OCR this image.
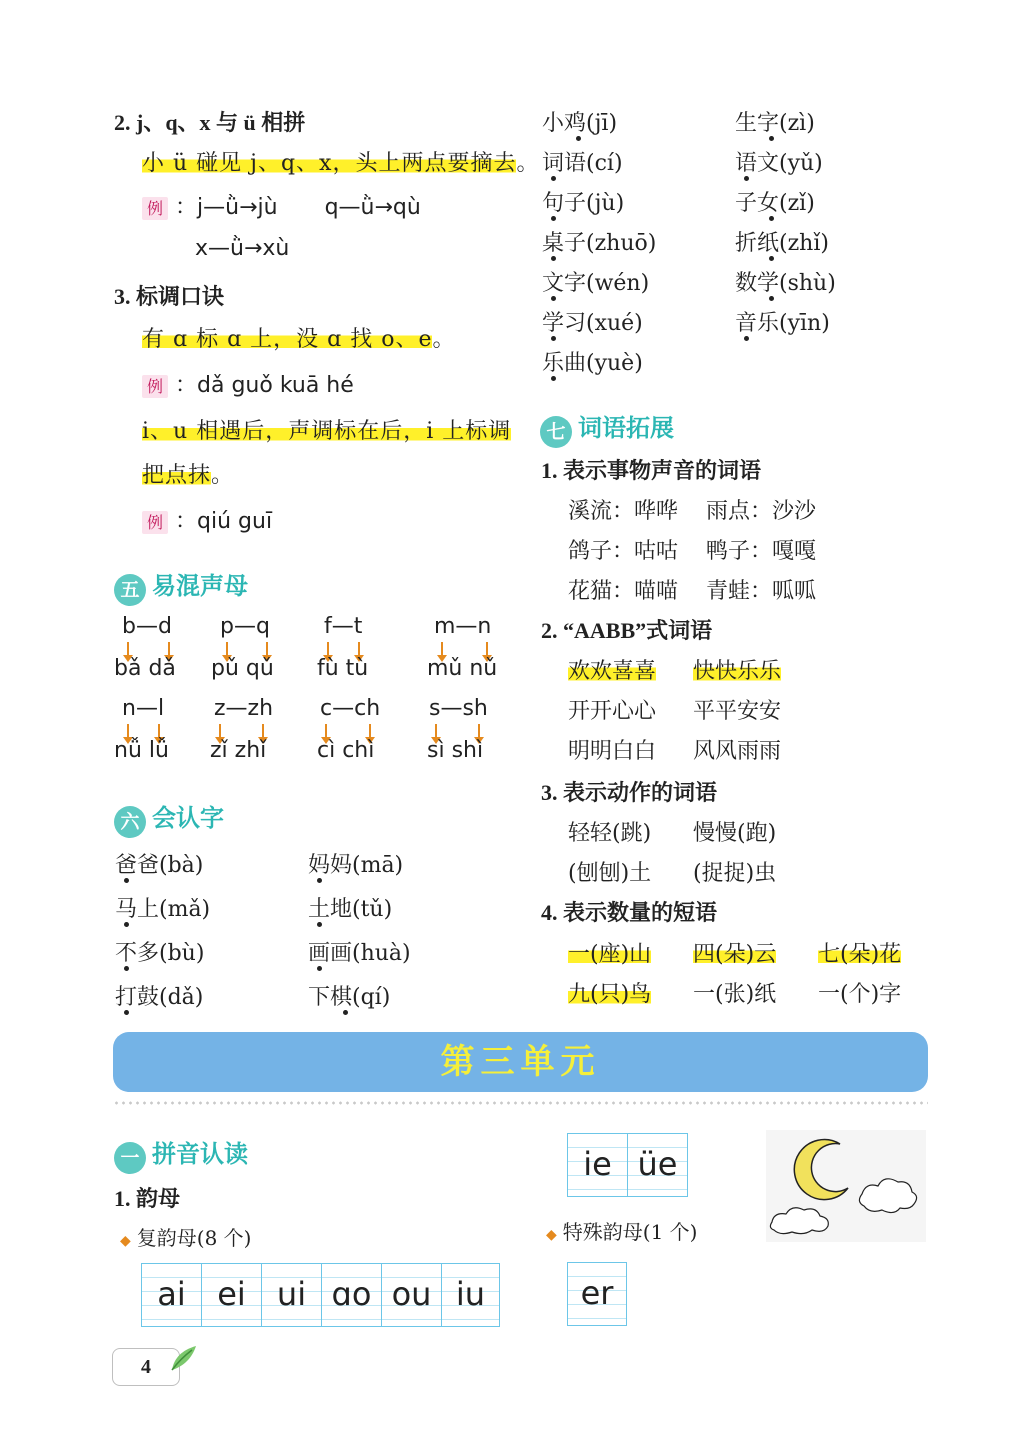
2. j、q、x 与 ü 相拼
小 ü 碰见 j、q、x，头上两点要摘去。
例 ：j—ǜ→jù q—ǜ→qù
x—ǜ→xù
3. 标调口诀
有 ɑ 标 ɑ 上，没 ɑ 找 o、e。
例 ：dǎ guǒ kuā hé
i、u 相遇后，声调标在后，i 上标调
把点抹。
例 ：qiú guī
五 易混声母
b—d p—q f—t	m—n
bǎ dǎ pǔ qǔ fù tù	mǔ nǔ
n—l z—zh c—ch s—sh
nǚ lǚ zǐ zhǐ cì chì sì shì
六 会认字
爸爸(bà)
马上(mǎ)
不多(bù)
打鼓(dǎ)
妈妈(mā)
土地(tǔ)
画画(huà)
下棋(qí)
小鸡(jī)
词语(cí)
句子(jù)
桌子(zhuō)
文字(wén)
学习(xué)
乐曲(yuè)
生字(zì)
语文(yǔ)
子女(zǐ)
折纸(zhǐ)
数学(shù)
音乐(yīn)
七 词语拓展
1. 表示事物声音的词语
溪流：哗哗 雨点：沙沙
鸽子：咕咕 鸭子：嘎嘎
花猫：喵喵 青蛙：呱呱
2. “AABB”式词语
欢欢喜喜 快快乐乐
开开心心 平平安安
明明白白 风风雨雨
3. 表示动作的词语
轻轻(跳) 慢慢(跑)
(刨刨)土 (捉捉)虫
4. 表示数量的短语
一(座)山 四(朵)云 七(朵)花
九(只)鸟 一(张)纸 一(个)字
第三单元
一 拼音认读
1. 韵母
◆ 复韵母(8 个)
ai ei ui ɑo ou iu
ie üe
◆ 特殊韵母(1 个)
er
4
